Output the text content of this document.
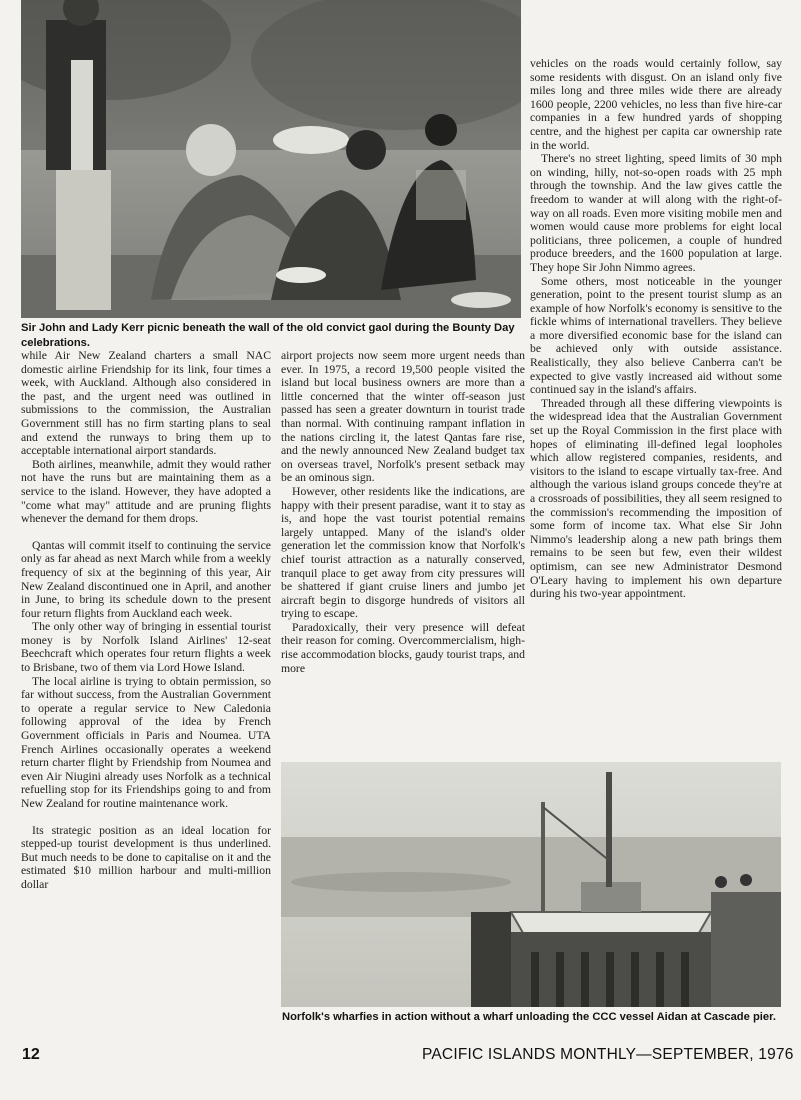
Sir John and Lady Kerr picnic beneath the wall of the old convict gaol during the Bounty Day celebrations.

while Air New Zealand charters a small NAC domestic airline Friendship for its link, four times a week, with Auckland. Although also considered in the past, and the urgent need was outlined in submissions to the commission, the Australian Government still has no firm starting plans to seal and extend the runways to bring them up to acceptable international airport standards.

Both airlines, meanwhile, admit they would rather not have the runs but are maintaining them as a service to the island. However, they have adopted a "come what may" attitude and are pruning flights whenever the demand for them drops.

Qantas will commit itself to continuing the service only as far ahead as next March while from a weekly frequency of six at the beginning of this year, Air New Zealand discontinued one in April, and another in June, to bring its schedule down to the present four return flights from Auckland each week.

The only other way of bringing in essential tourist money is by Norfolk Island Airlines' 12-seat Beechcraft which operates four return flights a week to Brisbane, two of them via Lord Howe Island.

The local airline is trying to obtain permission, so far without success, from the Australian Government to operate a regular service to New Caledonia following approval of the idea by French Government officials in Paris and Noumea. UTA French Airlines occasionally operates a weekend return charter flight by Friendship from Noumea and even Air Niugini already uses Norfolk as a technical refuelling stop for its Friendships going to and from New Zealand for routine maintenance work.

Its strategic position as an ideal location for stepped-up tourist development is thus underlined. But much needs to be done to capitalise on it and the estimated $10 million harbour and multi-million dollar

airport projects now seem more urgent needs than ever. In 1975, a record 19,500 people visited the island but local business owners are more than a little concerned that the winter off-season just passed has seen a greater downturn in tourist trade than normal. With continuing rampant inflation in the nations circling it, the latest Qantas fare rise, and the newly announced New Zealand budget tax on overseas travel, Norfolk's present setback may be an ominous sign.

However, other residents like the indications, are happy with their present paradise, want it to stay as is, and hope the vast tourist potential remains largely untapped. Many of the island's older generation let the commission know that Norfolk's chief tourist attraction as a naturally conserved, tranquil place to get away from city pressures will be shattered if giant cruise liners and jumbo jet aircraft begin to disgorge hundreds of visitors all trying to escape.

Paradoxically, their very presence will defeat their reason for coming. Overcommercialism, high-rise accommodation blocks, gaudy tourist traps, and more

vehicles on the roads would certainly follow, say some residents with disgust. On an island only five miles long and three miles wide there are already 1600 people, 2200 vehicles, no less than five hire-car companies in a few hundred yards of shopping centre, and the highest per capita car ownership rate in the world.

There's no street lighting, speed limits of 30 mph on winding, hilly, not-so-open roads with 25 mph through the township. And the law gives cattle the freedom to wander at will along with the right-of-way on all roads. Even more visiting mobile men and women would cause more problems for eight local politicians, three policemen, a couple of hundred produce breeders, and the 1600 population at large. They hope Sir John Nimmo agrees.

Some others, most noticeable in the younger generation, point to the present tourist slump as an example of how Norfolk's economy is sensitive to the fickle whims of international travellers. They believe a more diversified economic base for the island can be achieved only with outside assistance. Realistically, they also believe Canberra can't be expected to give vastly increased aid without some continued say in the island's affairs.

Threaded through all these differing viewpoints is the widespread idea that the Australian Government set up the Royal Commission in the first place with hopes of eliminating ill-defined legal loopholes which allow registered companies, residents, and visitors to the island to escape virtually tax-free. And although the various island groups concede they're at a crossroads of possibilities, they all seem resigned to the commission's recommending the imposition of some form of income tax. What else Sir John Nimmo's leadership along a new path brings them remains to be seen but few, even their wildest optimism, can see new Administrator Desmond O'Leary having to implement his own departure during his two-year appointment.

Norfolk's wharfies in action without a wharf unloading the CCC vessel Aidan at Cascade pier.

12	PACIFIC ISLANDS MONTHLY—SEPTEMBER, 1976
